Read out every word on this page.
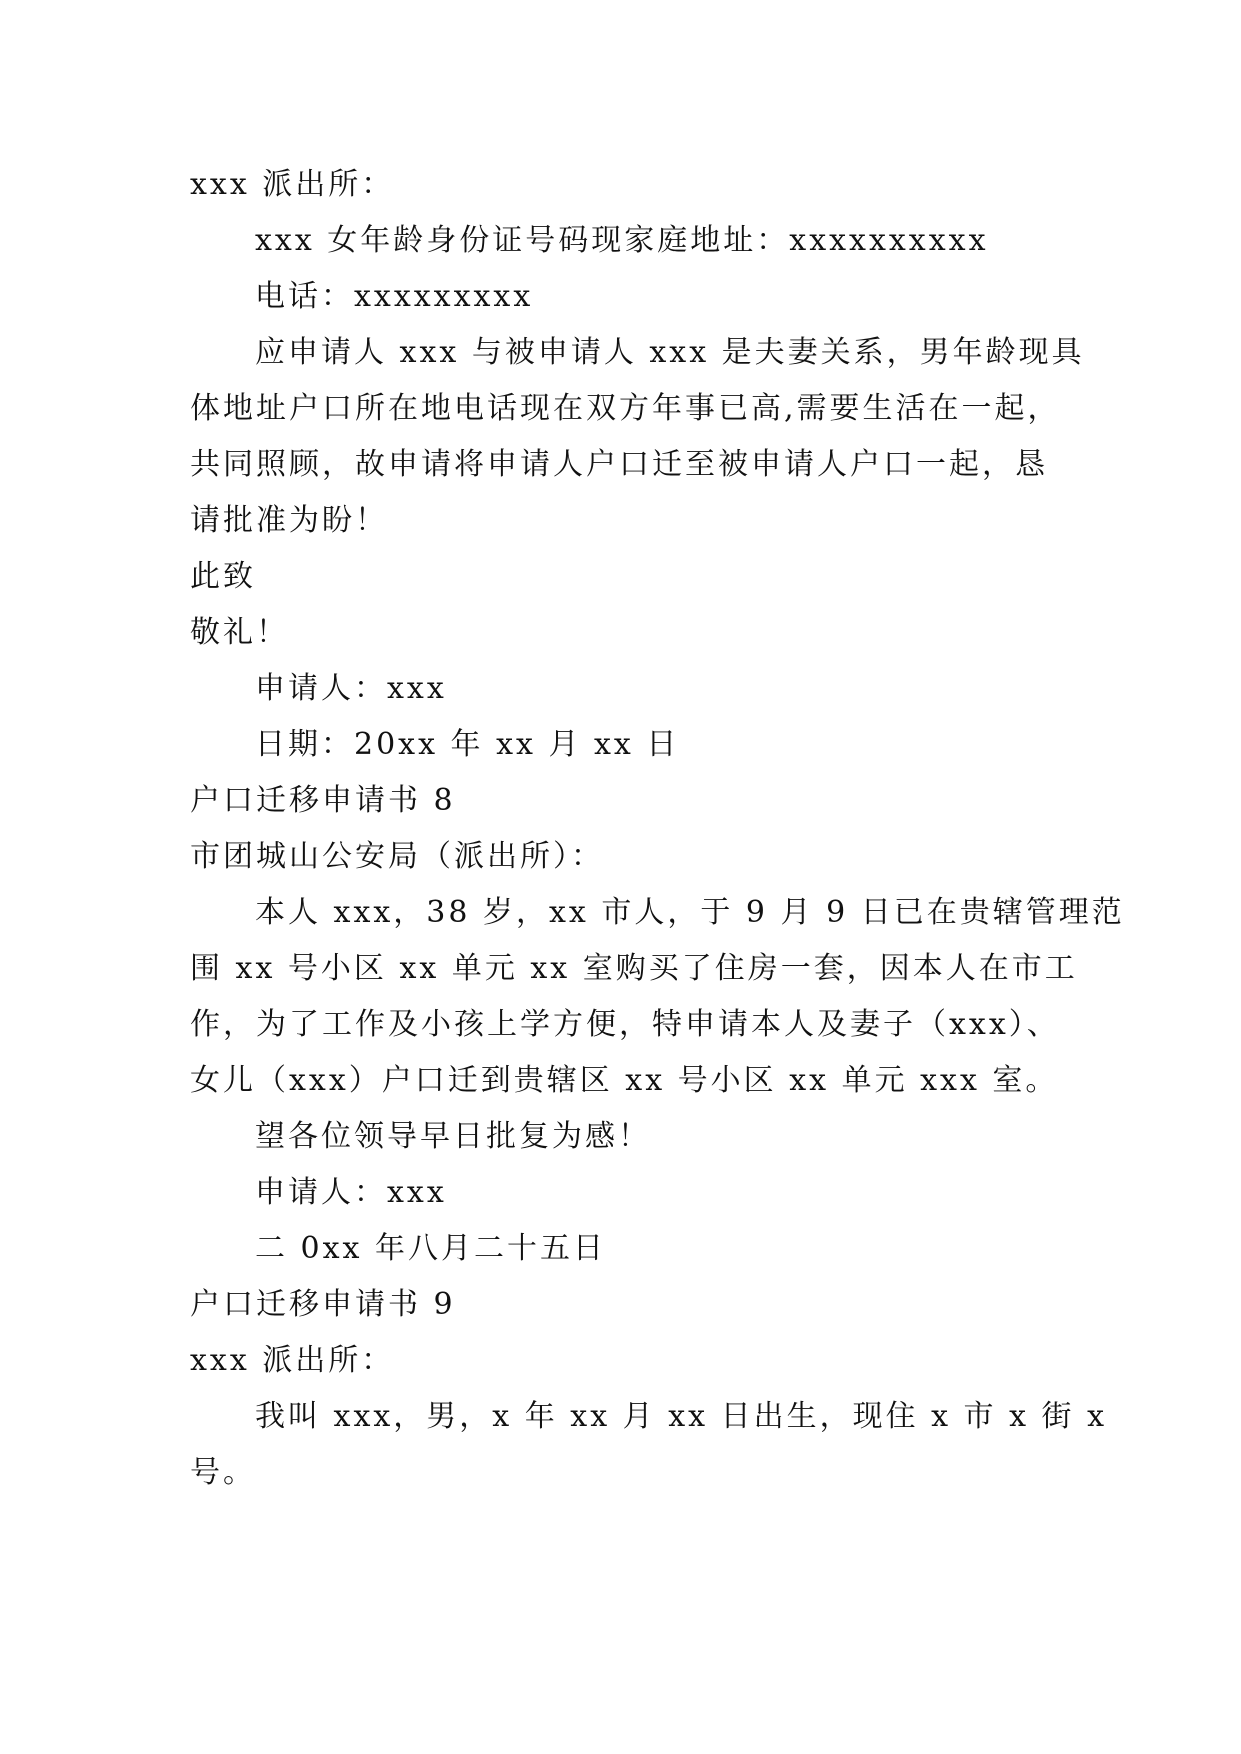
xxx 派出所：
xxx 女年龄身份证号码现家庭地址：xxxxxxxxxx
电话：xxxxxxxxx
应申请人 xxx 与被申请人 xxx 是夫妻关系，男年龄现具
体地址户口所在地电话现在双方年事已高,需要生活在一起，
共同照顾，故申请将申请人户口迁至被申请人户口一起，恳
请批准为盼！
此致
敬礼！
申请人：xxx
日期：20xx 年 xx 月 xx 日
户口迁移申请书 8
市团城山公安局（派出所）：
本人 xxx，38 岁，xx 市人，于 9 月 9 日已在贵辖管理范
围 xx 号小区 xx 单元 xx 室购买了住房一套，因本人在市工
作，为了工作及小孩上学方便，特申请本人及妻子（xxx）、
女儿（xxx）户口迁到贵辖区 xx 号小区 xx 单元 xxx 室。
望各位领导早日批复为感！
申请人：xxx
二 0xx 年八月二十五日
户口迁移申请书 9
xxx 派出所：
我叫 xxx，男，x 年 xx 月 xx 日出生，现住 x 市 x 街 x
号。
